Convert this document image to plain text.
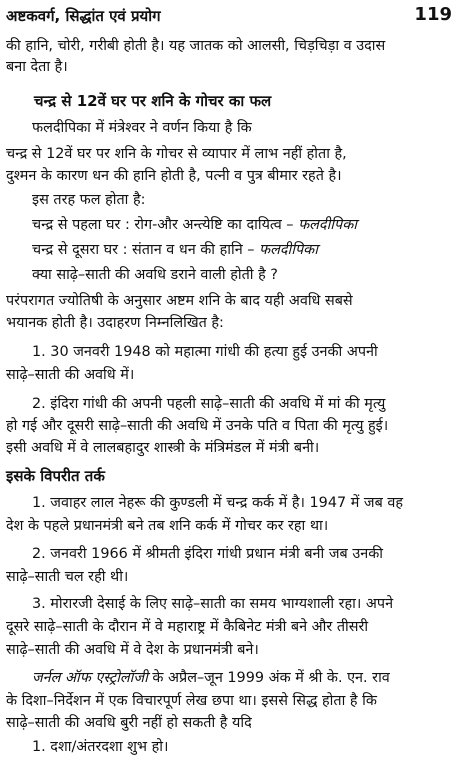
अष्टकवर्ग, सिद्धांत एवं प्रयोग	119
की हानि, चोरी, गरीबी होती है। यह जातक को आलसी, चिड़चिड़ा व उदास
बना देता है।
चन्द्र से 12वें घर पर शनि के गोचर का फल
फलदीपिका में मंत्रेश्वर ने वर्णन किया है कि
चन्द्र से 12वें घर पर शनि के गोचर से व्यापार में लाभ नहीं होता है,
दुश्मन के कारण धन की हानि होती है, पत्नी व पुत्र बीमार रहते है।
इस तरह फल होता है:
चन्द्र से पहला घर : रोग-और अन्त्येष्टि का दायित्व – फलदीपिका
चन्द्र से दूसरा घर : संतान व धन की हानि – फलदीपिका
क्या साढ़े–साती की अवधि डराने वाली होती है ?
परंपरागत ज्योतिषी के अनुसार अष्टम शनि के बाद यही अवधि सबसे
भयानक होती है। उदाहरण निम्नलिखित है:
1. 30 जनवरी 1948 को महात्मा गांधी की हत्या हुई उनकी अपनी
साढ़े–साती की अवधि में।
2. इंदिरा गांधी की अपनी पहली साढ़े–साती की अवधि में मां की मृत्यु
हो गई और दूसरी साढ़े–साती की अवधि में उनके पति व पिता की मृत्यु हुई।
इसी अवधि में वे लालबहादुर शास्त्री के मंत्रिमंडल में मंत्री बनी।
इसके विपरीत तर्क
1. जवाहर लाल नेहरू की कुण्डली में चन्द्र कर्क में है। 1947 में जब वह
देश के पहले प्रधानमंत्री बने तब शनि कर्क में गोचर कर रहा था।
2. जनवरी 1966 में श्रीमती इंदिरा गांधी प्रधान मंत्री बनी जब उनकी
साढ़े–साती चल रही थी।
3. मोरारजी देसाई के लिए साढ़े–साती का समय भाग्यशाली रहा। अपने
दूसरे साढ़े–साती के दौरान में वे महाराष्ट्र में कैबिनेट मंत्री बने और तीसरी
साढ़े–साती की अवधि में वे देश के प्रधानमंत्री बने।
जर्नल ऑफ एस्ट्रोलॉजी के अप्रैल–जून 1999 अंक में श्री के. एन. राव
के दिशा–निर्देशन में एक विचारपूर्ण लेख छपा था। इससे सिद्ध होता है कि
साढ़े–साती की अवधि बुरी नहीं हो सकती है यदि
1. दशा/अंतरदशा शुभ हो।
